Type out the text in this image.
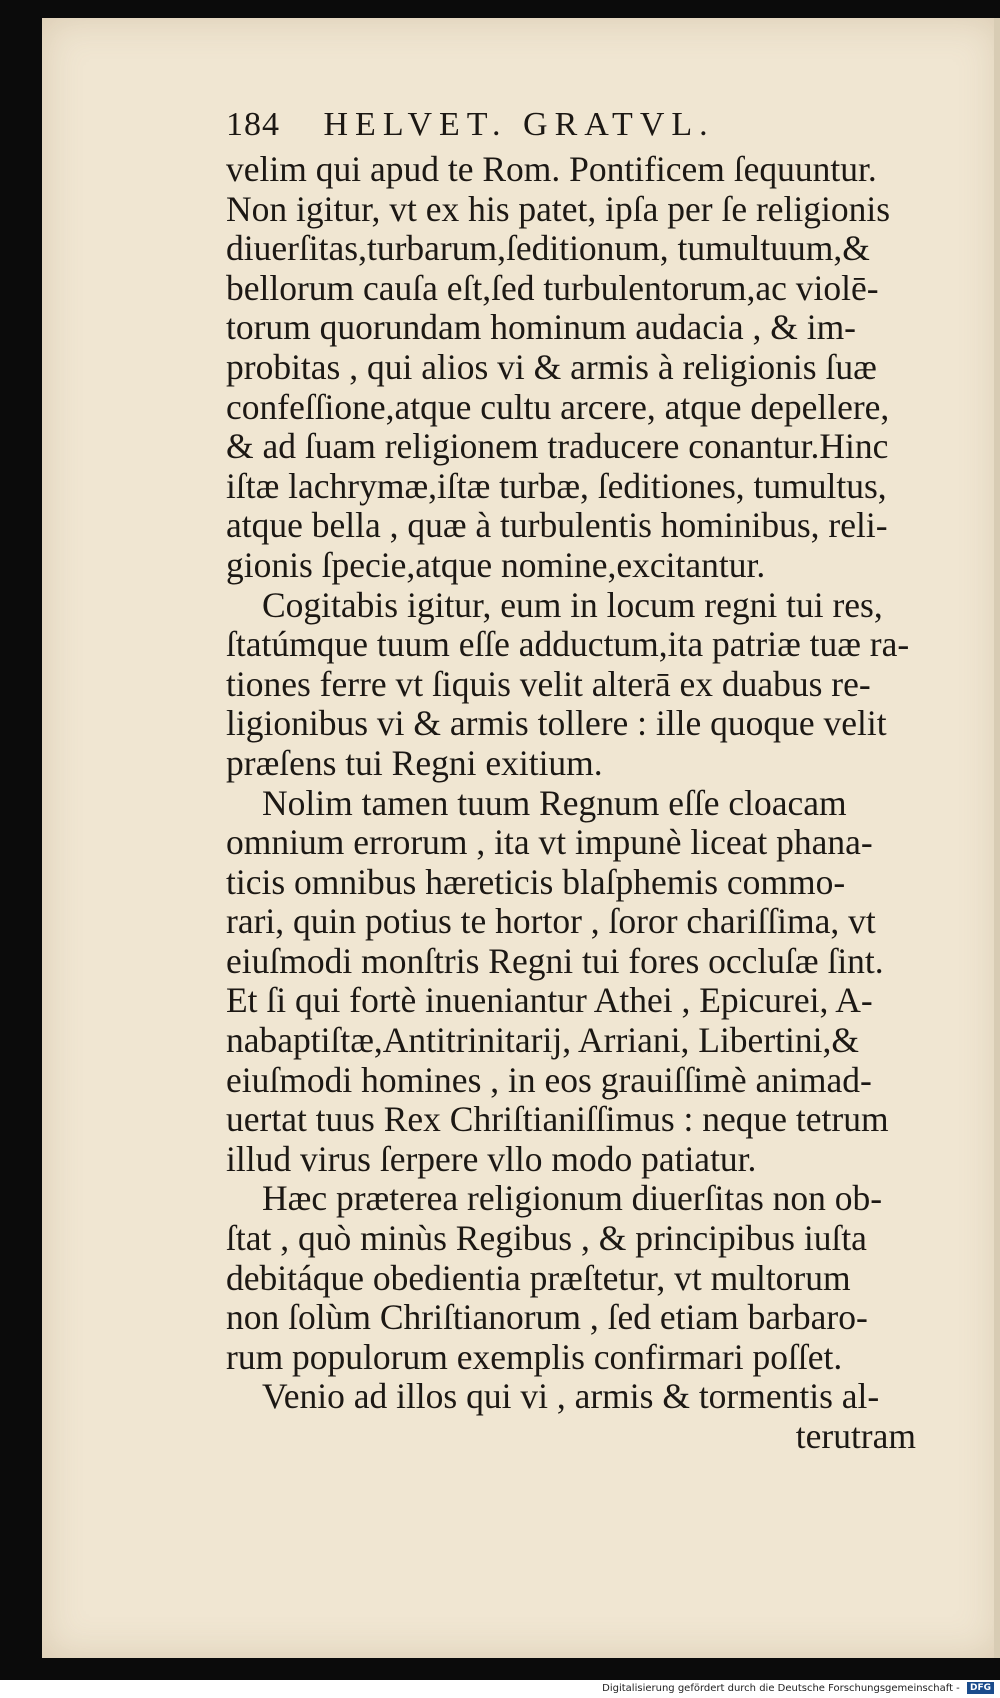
184 HELVET. GRATVL.
velim qui apud te Rom. Pontificem ſequuntur.
Non igitur, vt ex his patet, ipſa per ſe religionis
diuerſitas,turbarum,ſeditionum, tumultuum,&
bellorum cauſa eſt,ſed turbulentorum,ac violē-
torum quorundam hominum audacia , & im-
probitas , qui alios vi & armis à religionis ſuæ
confeſſione,atque cultu arcere, atque depellere,
& ad ſuam religionem traducere conantur.Hinc
iſtæ lachrymæ,iſtæ turbæ, ſeditiones, tumultus,
atque bella , quæ à turbulentis hominibus, reli-
gionis ſpecie,atque nomine,excitantur.
Cogitabis igitur, eum in locum regni tui res,
ſtatúmque tuum eſſe adductum,ita patriæ tuæ ra-
tiones ferre vt ſiquis velit alterā ex duabus re-
ligionibus vi & armis tollere : ille quoque velit
præſens tui Regni exitium.
Nolim tamen tuum Regnum eſſe cloacam
omnium errorum , ita vt impunè liceat phana-
ticis omnibus hæreticis blaſphemis commo-
rari, quin potius te hortor , ſoror chariſſima, vt
eiuſmodi monſtris Regni tui fores occluſæ ſint.
Et ſi qui fortè inueniantur Athei , Epicurei, A-
nabaptiſtæ,Antitrinitarij, Arriani, Libertini,&
eiuſmodi homines , in eos grauiſſimè animad-
uertat tuus Rex Chriſtianiſſimus : neque tetrum
illud virus ſerpere vllo modo patiatur.
Hæc præterea religionum diuerſitas non ob-
ſtat , quò minùs Regibus , & principibus iuſta
debitáque obedientia præſtetur, vt multorum
non ſolùm Chriſtianorum , ſed etiam barbaro-
rum populorum exemplis confirmari poſſet.
Venio ad illos qui vi , armis & tormentis al-
terutram
Digitalisierung gefördert durch die Deutsche Forschungsgemeinschaft - DFG
